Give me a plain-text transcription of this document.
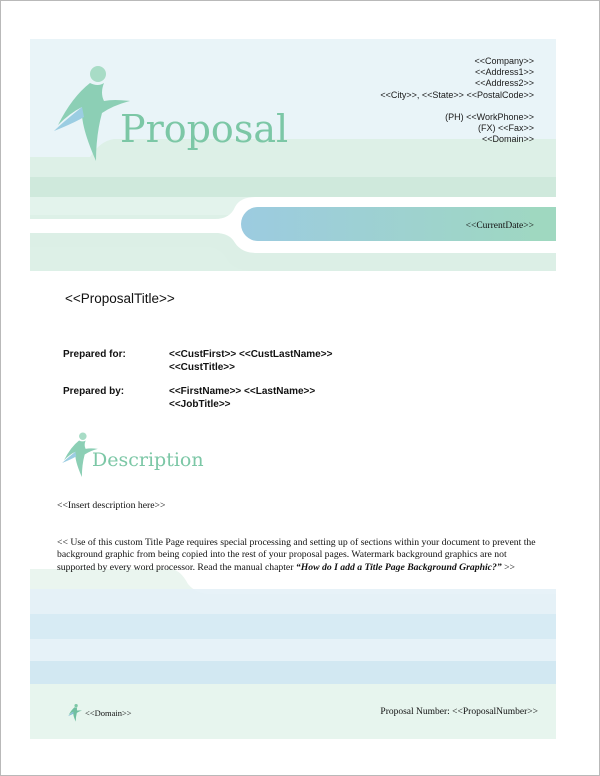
Proposal
<<Company>>
<<Address1>>
<<Address2>>
<<City>>, <<State>> <<PostalCode>>
(PH) <<WorkPhone>>
(FX) <<Fax>>
<<Domain>>
<<CurrentDate>>
<<ProposalTitle>>
Prepared for:	<<CustFirst>> <<CustLastName>>
<<CustTitle>>
Prepared by:	<<FirstName>> <<LastName>>
<<JobTitle>>
Description
<<Insert description here>>
<< Use of this custom Title Page requires special processing and setting up of sections within your document to prevent the background graphic from being copied into the rest of your proposal pages. Watermark background graphics are not supported by every word processor. Read the manual chapter “How do I add a Title Page Background Graphic?” >>
<<Domain>>	Proposal Number: <<ProposalNumber>>
